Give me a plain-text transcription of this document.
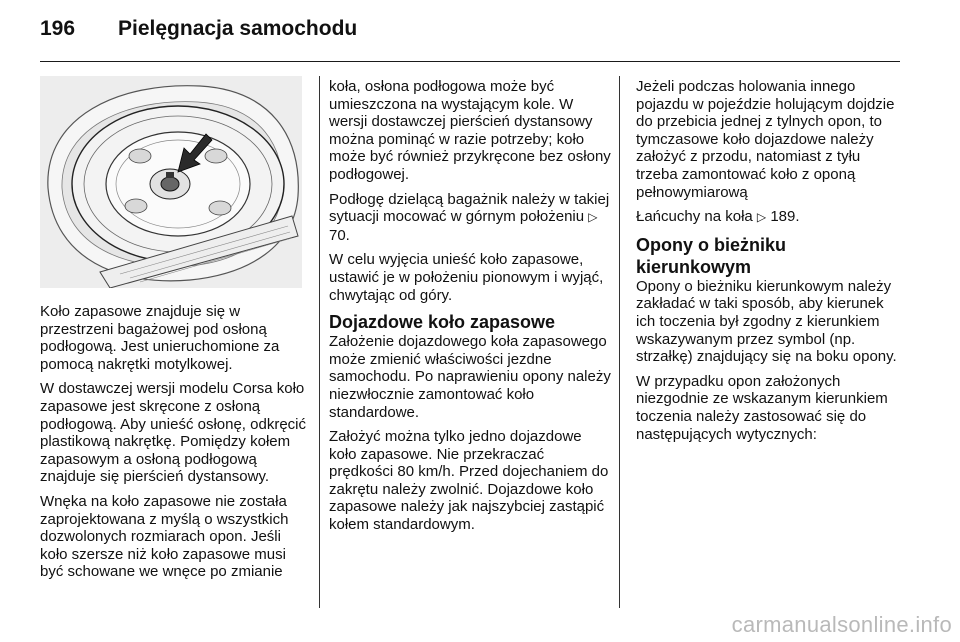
196 Pielęgnacja samochodu

Koło zapasowe znajduje się w przestrzeni bagażowej pod osłoną podłogową. Jest unieruchomione za pomocą nakrętki motylkowej.

W dostawczej wersji modelu Corsa koło zapasowe jest skręcone z osłoną podłogową. Aby unieść osłonę, odkręcić plastikową nakrętkę. Pomiędzy kołem zapasowym a osłoną podłogową znajduje się pierścień dystansowy.

Wnęka na koło zapasowe nie została zaprojektowana z myślą o wszystkich dozwolonych rozmiarach opon. Jeśli koło szersze niż koło zapasowe musi być schowane we wnęce po zmianie

koła, osłona podłogowa może być umieszczona na wystającym kole. W wersji dostawczej pierścień dystansowy można pominąć w razie potrzeby; koło może być również przykręcone bez osłony podłogowej.

Podłogę dzielącą bagażnik należy w takiej sytuacji mocować w górnym położeniu ▷ 70.

W celu wyjęcia unieść koło zapasowe, ustawić je w położeniu pionowym i wyjąć, chwytając od góry.

Dojazdowe koło zapasowe

Założenie dojazdowego koła zapasowego może zmienić właściwości jezdne samochodu. Po naprawieniu opony należy niezwłocznie zamontować koło standardowe.

Założyć można tylko jedno dojazdowe koło zapasowe. Nie przekraczać prędkości 80 km/h. Przed dojechaniem do zakrętu należy zwolnić. Dojazdowe koło zapasowe należy jak najszybciej zastąpić kołem standardowym.

Jeżeli podczas holowania innego pojazdu w pojeździe holującym dojdzie do przebicia jednej z tylnych opon, to tymczasowe koło dojazdowe należy założyć z przodu, natomiast z tyłu trzeba zamontować koło z oponą pełnowymiarową

Łańcuchy na koła ▷ 189.

Opony o bieżniku kierunkowym

Opony o bieżniku kierunkowym należy zakładać w taki sposób, aby kierunek ich toczenia był zgodny z kierunkiem wskazywanym przez symbol (np. strzałkę) znajdujący się na boku opony.

W przypadku opon założonych niezgodnie ze wskazanym kierunkiem toczenia należy zastosować się do następujących wytycznych:

carmanualsonline.info
